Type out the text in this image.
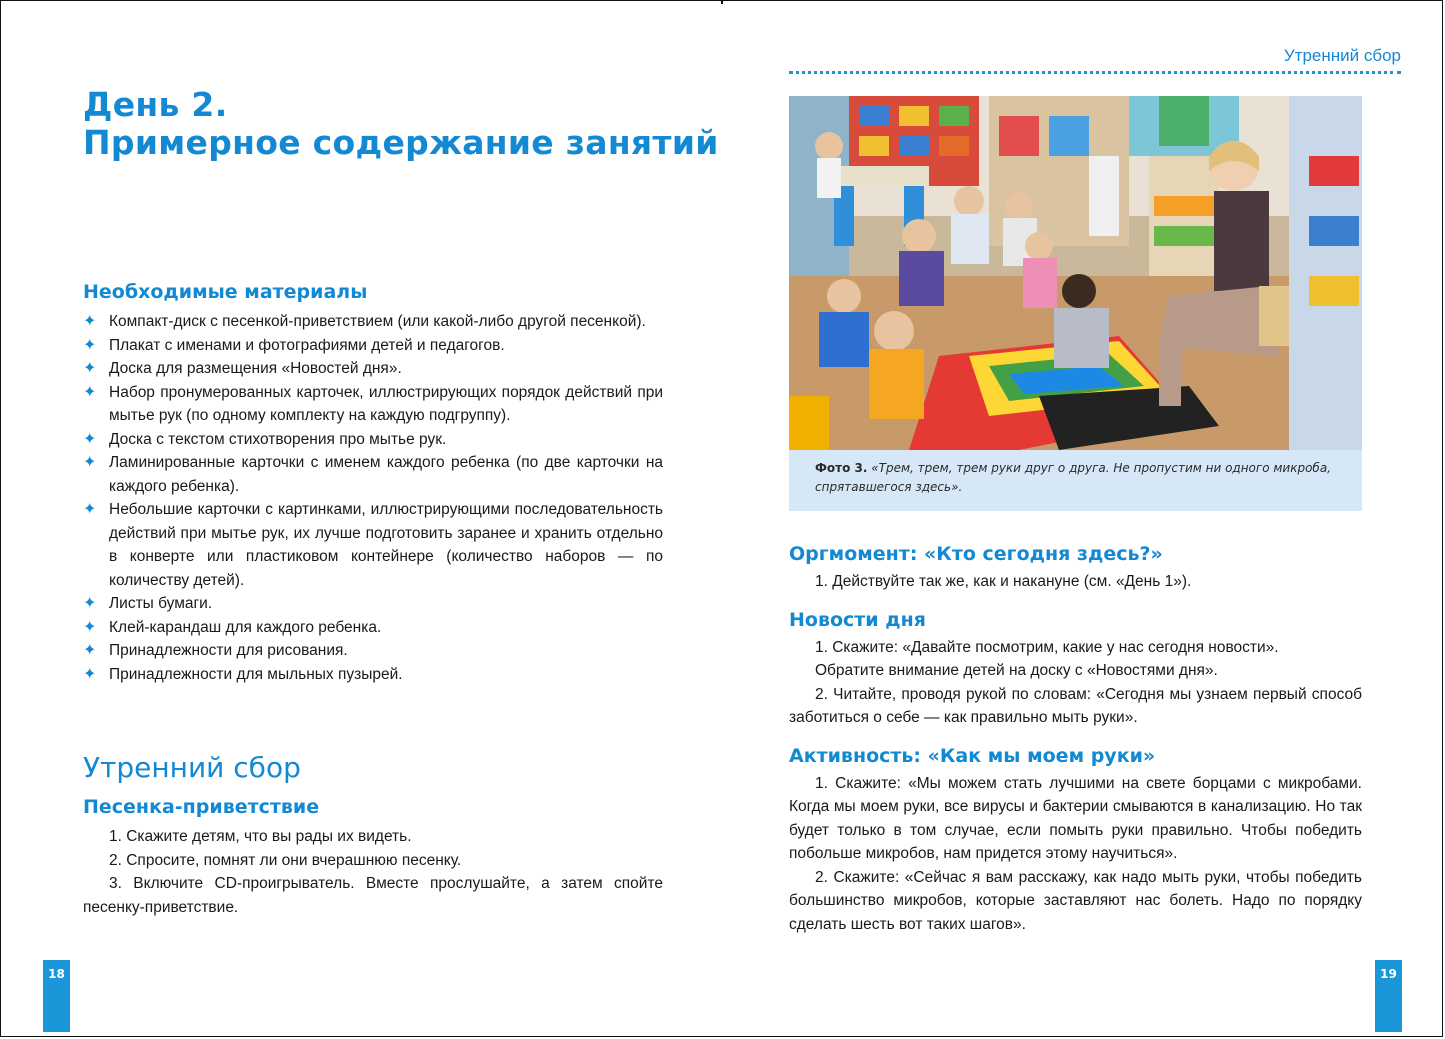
День 2.
Примерное содержание занятий
Необходимые материалы
✦ Компакт-диск с песенкой-приветствием (или какой-либо другой песенкой).
✦ Плакат с именами и фотографиями детей и педагогов.
✦ Доска для размещения «Новостей дня».
✦ Набор пронумерованных карточек, иллюстрирующих порядок действий при мытье рук (по одному комплекту на каждую подгруппу).
✦ Доска с текстом стихотворения про мытье рук.
✦ Ламинированные карточки с именем каждого ребенка (по две карточки на каждого ребенка).
✦ Небольшие карточки с картинками, иллюстрирующими последовательность действий при мытье рук, их лучше подготовить заранее и хранить отдельно в конверте или пластиковом контейнере (количество наборов — по количеству детей).
✦ Листы бумаги.
✦ Клей-карандаш для каждого ребенка.
✦ Принадлежности для рисования.
✦ Принадлежности для мыльных пузырей.
Утренний сбор
Песенка-приветствие

1. Скажите детям, что вы рады их видеть.

2. Спросите, помнят ли они вчерашнюю песенку.

3. Включите CD-проигрыватель. Вместе прослушайте, а затем спойте песенку-приветствие.

18
Утренний сбор
Фото 3. «Трем, трем, трем руки друг о друга. Не пропустим ни одного микроба, спрятавшегося здесь».
Оргмомент: «Кто сегодня здесь?»

1. Действуйте так же, как и накануне (см. «День 1»).

Новости дня

1. Скажите: «Давайте посмотрим, какие у нас сегодня новости».

Обратите внимание детей на доску с «Новостями дня».

2. Читайте, проводя рукой по словам: «Сегодня мы узнаем первый способ заботиться о себе — как правильно мыть руки».

Активность: «Как мы моем руки»

1. Скажите: «Мы можем стать лучшими на свете борцами с микробами. Когда мы моем руки, все вирусы и бактерии смываются в канализацию. Но так будет только в том случае, если помыть руки правильно. Чтобы победить побольше микробов, нам придется этому научиться».

2. Скажите: «Сейчас я вам расскажу, как надо мыть руки, чтобы победить большинство микробов, которые заставляют нас болеть. Надо по порядку сделать шесть вот таких шагов».

19
